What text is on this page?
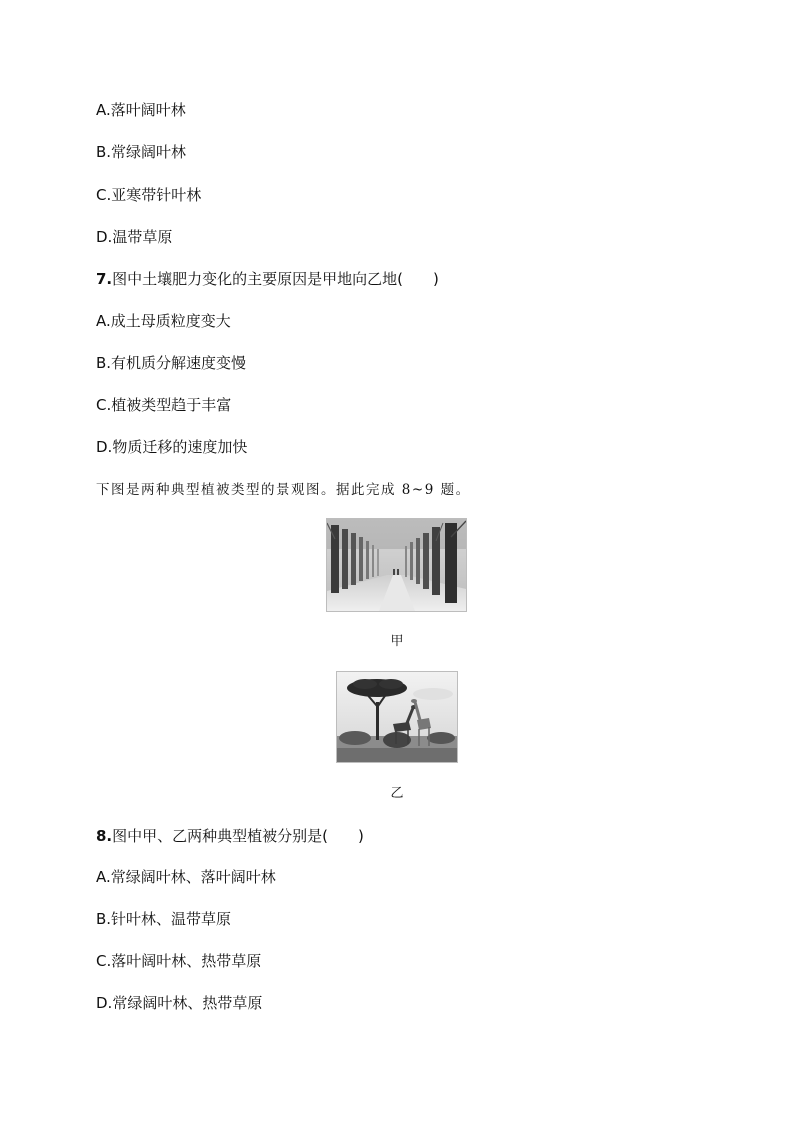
A.落叶阔叶林
B.常绿阔叶林
C.亚寒带针叶林
D.温带草原
7.图中土壤肥力变化的主要原因是甲地向乙地(　　)
A.成土母质粒度变大
B.有机质分解速度变慢
C.植被类型趋于丰富
D.物质迁移的速度加快
下图是两种典型植被类型的景观图。据此完成 8~9 题。
甲
乙
8.图中甲、乙两种典型植被分别是(　　)
A.常绿阔叶林、落叶阔叶林
B.针叶林、温带草原
C.落叶阔叶林、热带草原
D.常绿阔叶林、热带草原
